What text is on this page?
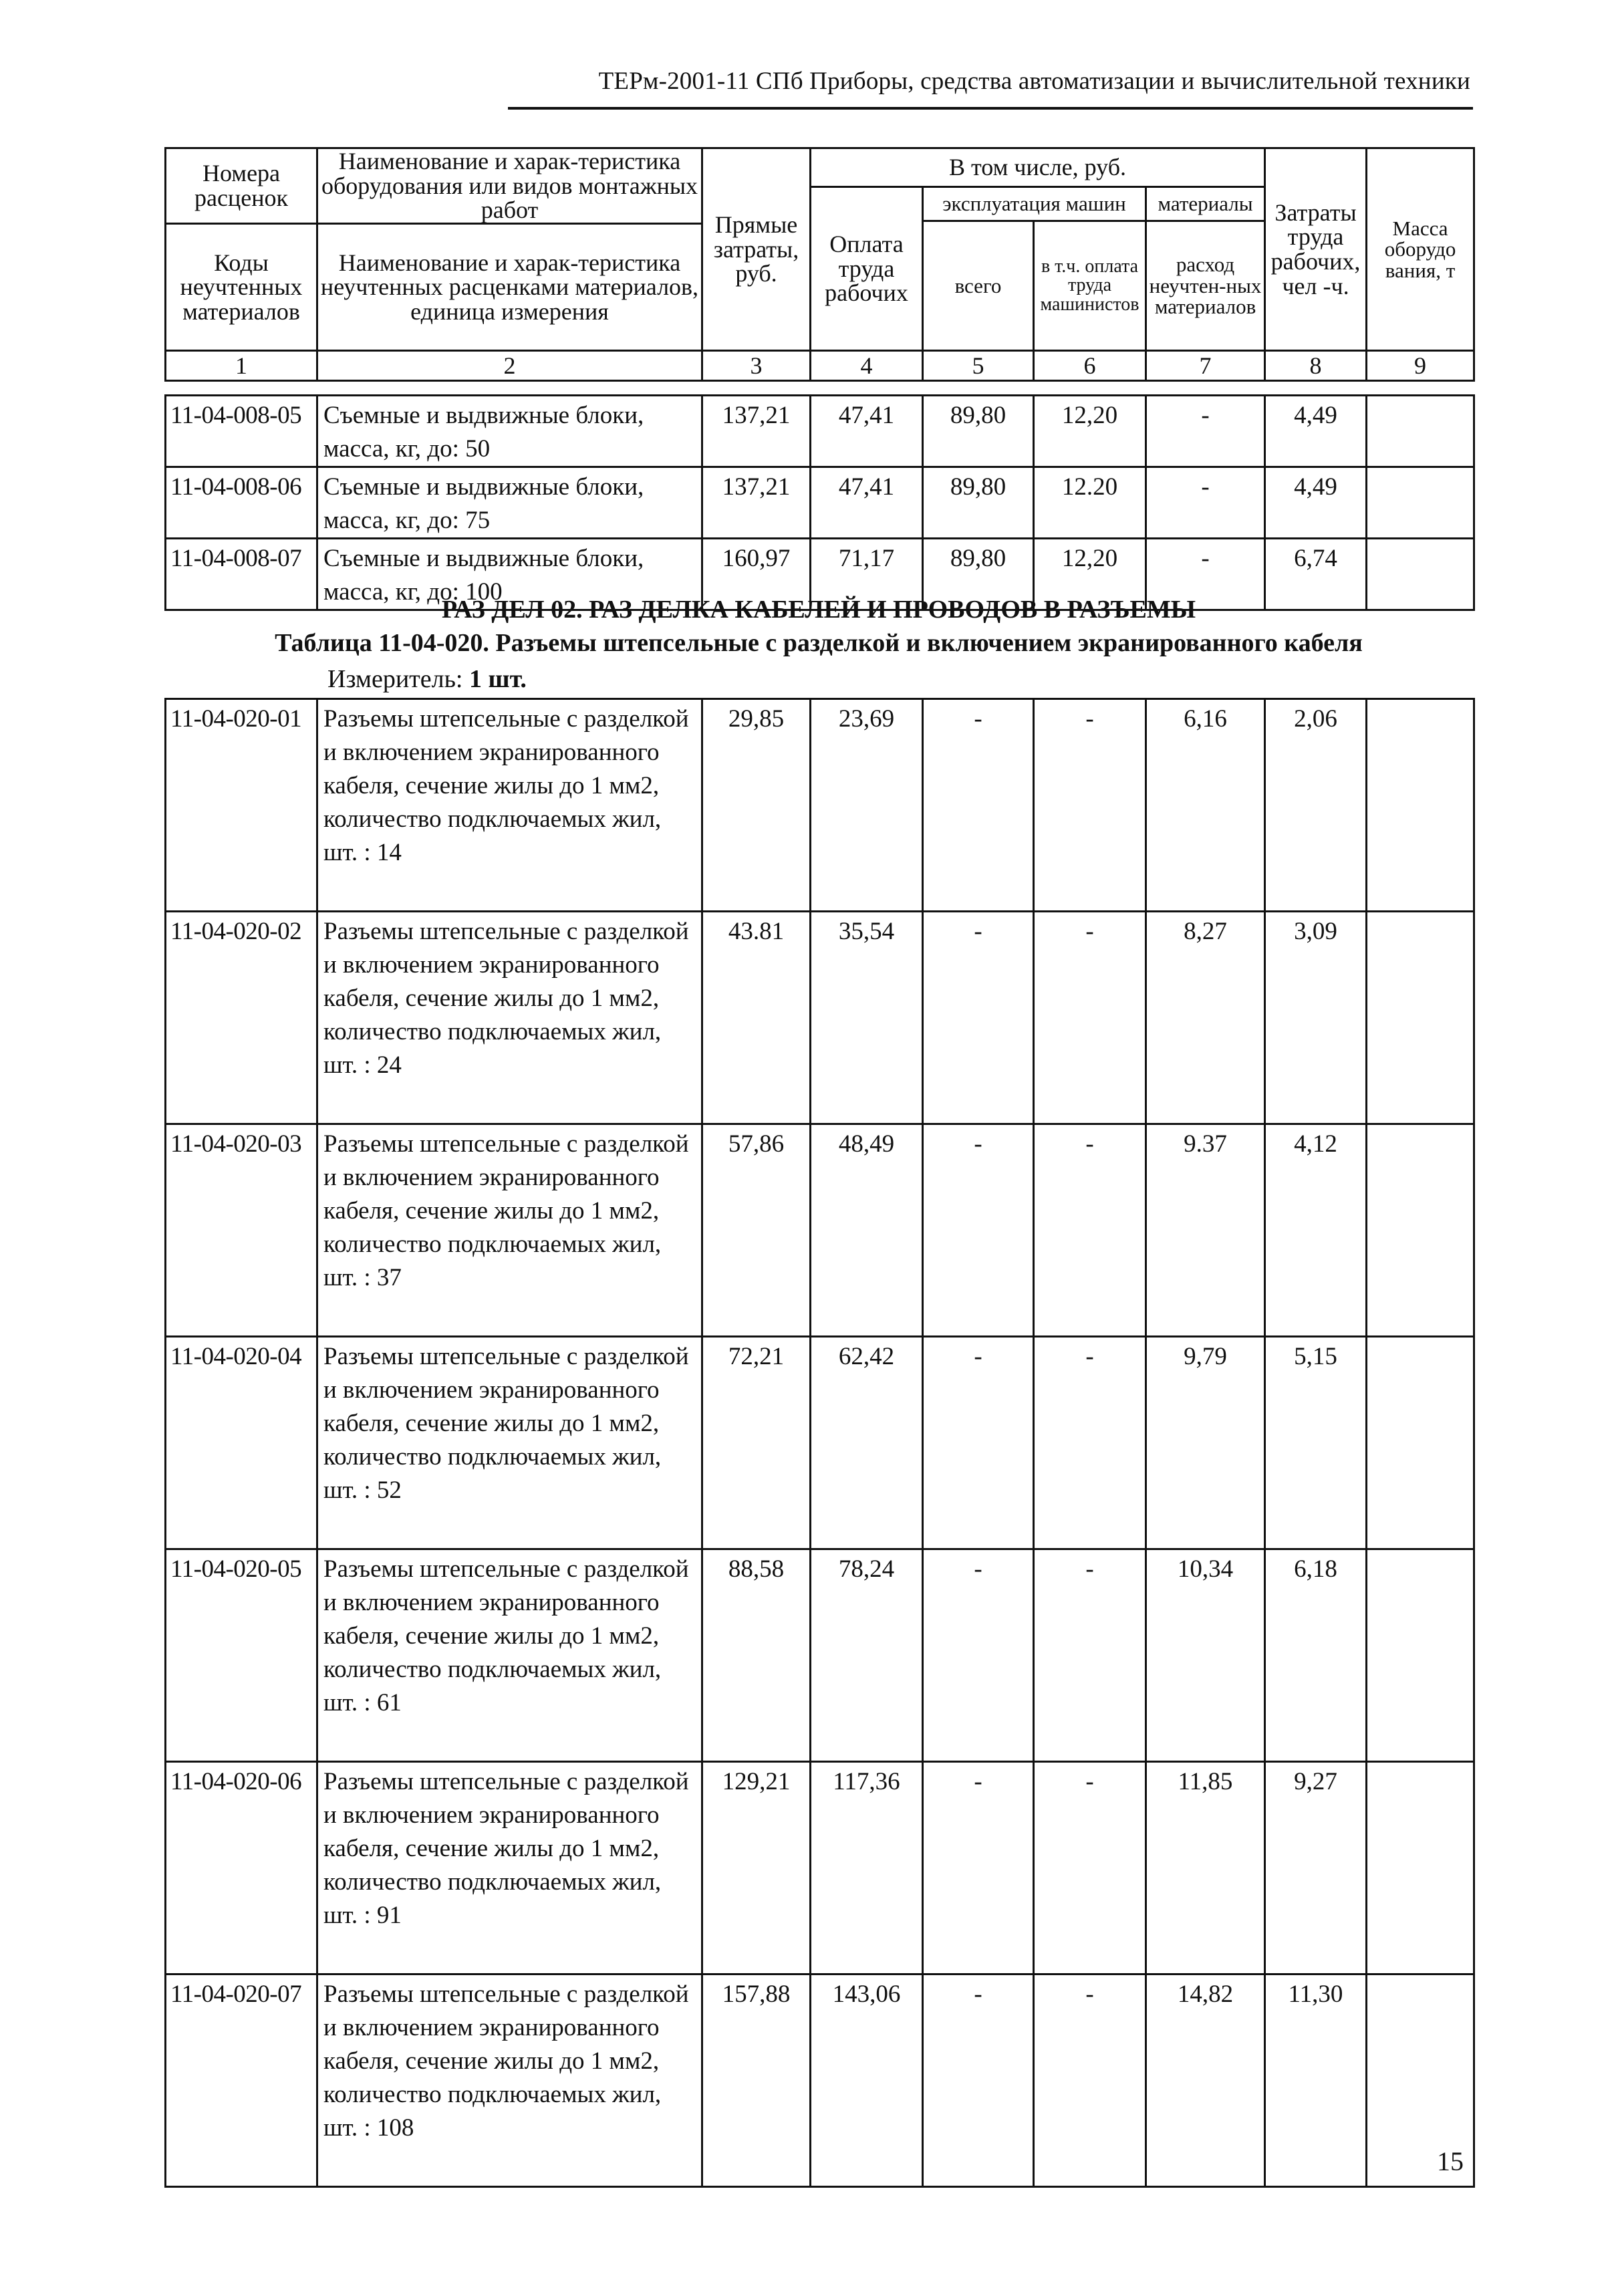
ТЕРм-2001-11 СПб Приборы, средства автоматизации и вычислительной техники
Номера расценок	Наименование и харак-теристика оборудования или видов монтажных работ	Прямые затраты, руб.	В том числе, руб.				Затраты труда рабочих, чел -ч.	Масса оборудо вания, т
			Оплата труда рабочих	эксплуатация машин		материалы		
				всего	в т.ч. оплата труда машинистов	расход неучтен-ных материалов		
Коды неучтенных материалов	Наименование и харак-теристика неучтенных расценками материалов, единица измерения							

1	2	3	4	5	6	7	8	9
11-04-008-05	Съемные и выдвижные блоки, масса, кг, до: 50	137,21	47,41	89,80	12,20	-	4,49	
11-04-008-06	Съемные и выдвижные блоки, масса, кг, до: 75	137,21	47,41	89,80	12.20	-	4,49	
11-04-008-07	Съемные и выдвижные блоки, масса, кг, до: 100	160,97	71,17	89,80	12,20	-	6,74	
РАЗ ДЕЛ 02. РАЗ ДЕЛКА КАБЕЛЕЙ И ПРОВОДОВ В РАЗЪЕМЫ
Таблица 11-04-020. Разъемы штепсельные с разделкой и включением экранированного кабеля
Измеритель: 1 шт.
11-04-020-01	Разъемы штепсельные с разделкой и включением экранированного кабеля, сечение жилы до 1 мм2, количество подключаемых жил, шт. : 14	29,85	23,69	-	-	6,16	2,06	
11-04-020-02	Разъемы штепсельные с разделкой и включением экранированного кабеля, сечение жилы до 1 мм2, количество подключаемых жил, шт. : 24	43.81	35,54	-	-	8,27	3,09	
11-04-020-03	Разъемы штепсельные с разделкой и включением экранированного кабеля, сечение жилы до 1 мм2, количество подключаемых жил, шт. : 37	57,86	48,49	-	-	9.37	4,12	
11-04-020-04	Разъемы штепсельные с разделкой и включением экранированного кабеля, сечение жилы до 1 мм2, количество подключаемых жил, шт. : 52	72,21	62,42	-	-	9,79	5,15	
11-04-020-05	Разъемы штепсельные с разделкой и включением экранированного кабеля, сечение жилы до 1 мм2, количество подключаемых жил, шт. : 61	88,58	78,24	-	-	10,34	6,18	
11-04-020-06	Разъемы штепсельные с разделкой и включением экранированного кабеля, сечение жилы до 1 мм2, количество подключаемых жил, шт. : 91	129,21	117,36	-	-	11,85	9,27	
11-04-020-07	Разъемы штепсельные с разделкой и включением экранированного кабеля, сечение жилы до 1 мм2, количество подключаемых жил, шт. : 108	157,88	143,06	-	-	14,82	11,30	
15
